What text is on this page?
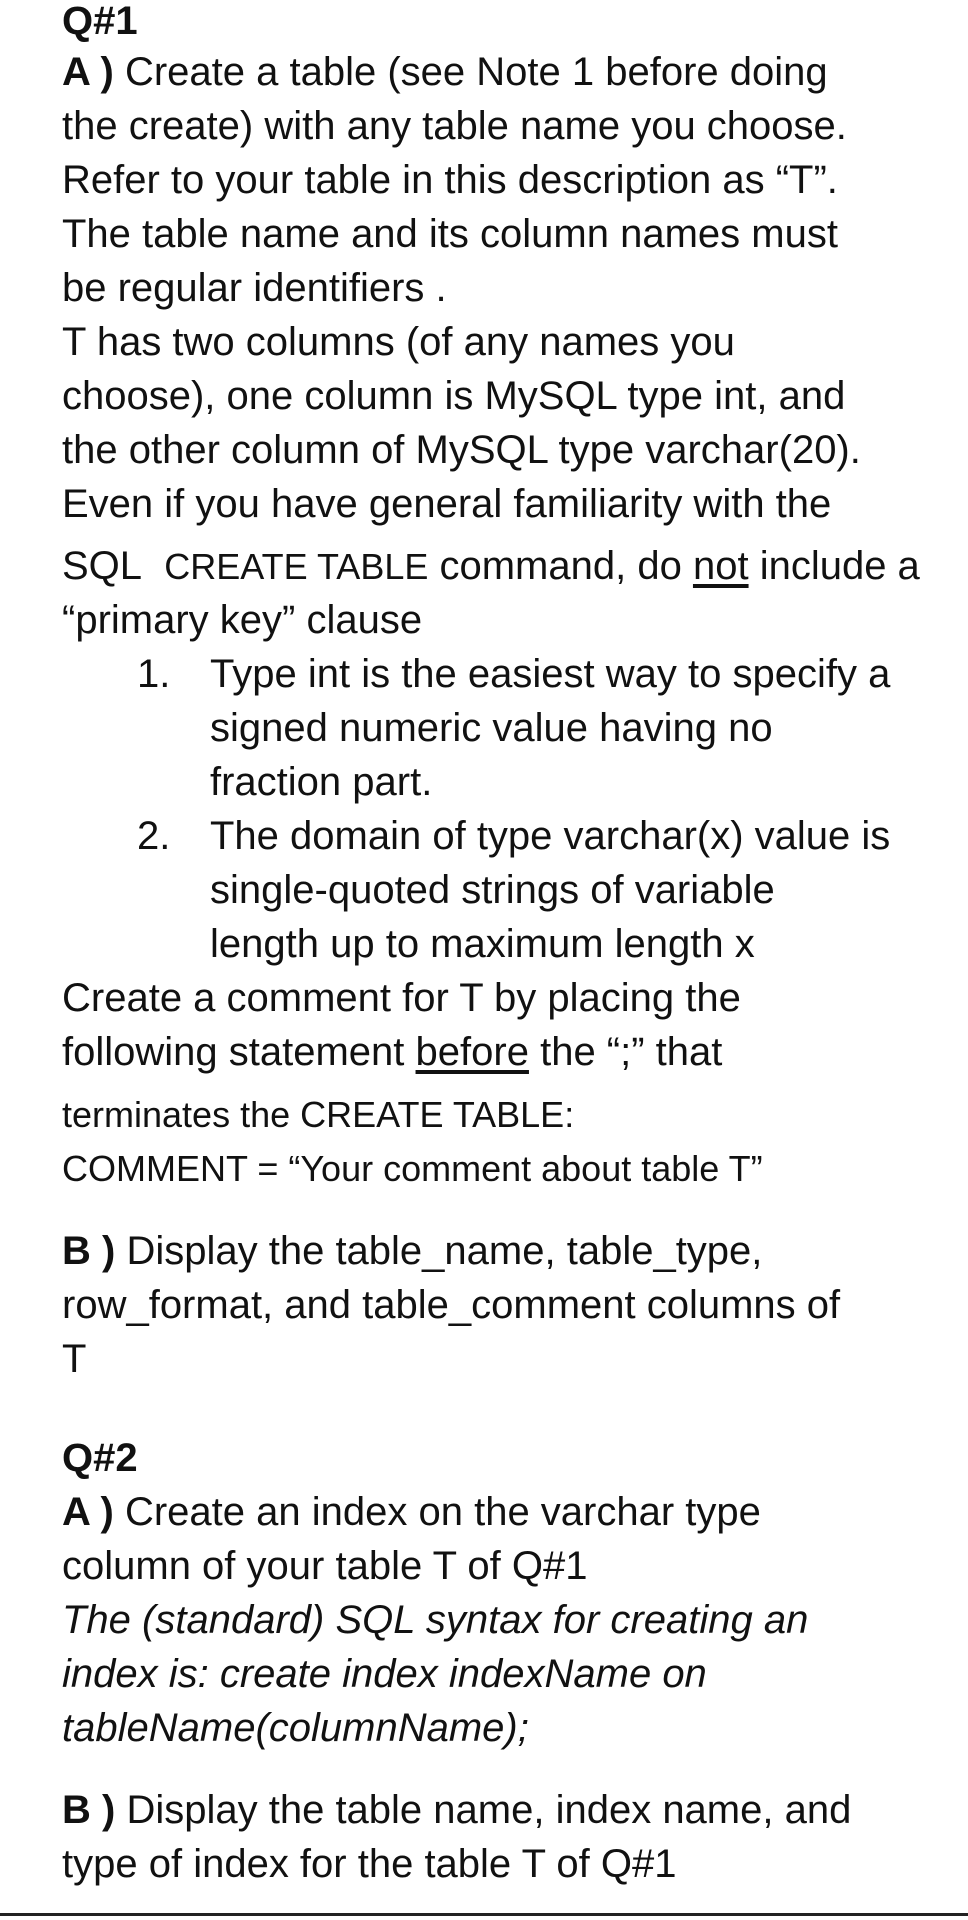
Q#1

A ) Create a table (see Note 1 before doing

the create) with any table name you choose.

Refer to your table in this description as “T”.

The table name and its column names must

be regular identifiers .

T has two columns (of any names you

choose), one column is MySQL type int, and

the other column of MySQL type varchar(20).

Even if you have general familiarity with the

SQL CREATE TABLE command, do not include a

“primary key” clause

1. Type int is the easiest way to specify a

signed numeric value having no

fraction part.

2. The domain of type varchar(x) value is

single-quoted strings of variable

length up to maximum length x

Create a comment for T by placing the

following statement before the “;” that

terminates the CREATE TABLE:

COMMENT = “Your comment about table T”

B ) Display the table_name, table_type,

row_format, and table_comment columns of

T

Q#2

A ) Create an index on the varchar type

column of your table T of Q#1

The (standard) SQL syntax for creating an

index is: create index indexName on

tableName(columnName);

B ) Display the table name, index name, and

type of index for the table T of Q#1
